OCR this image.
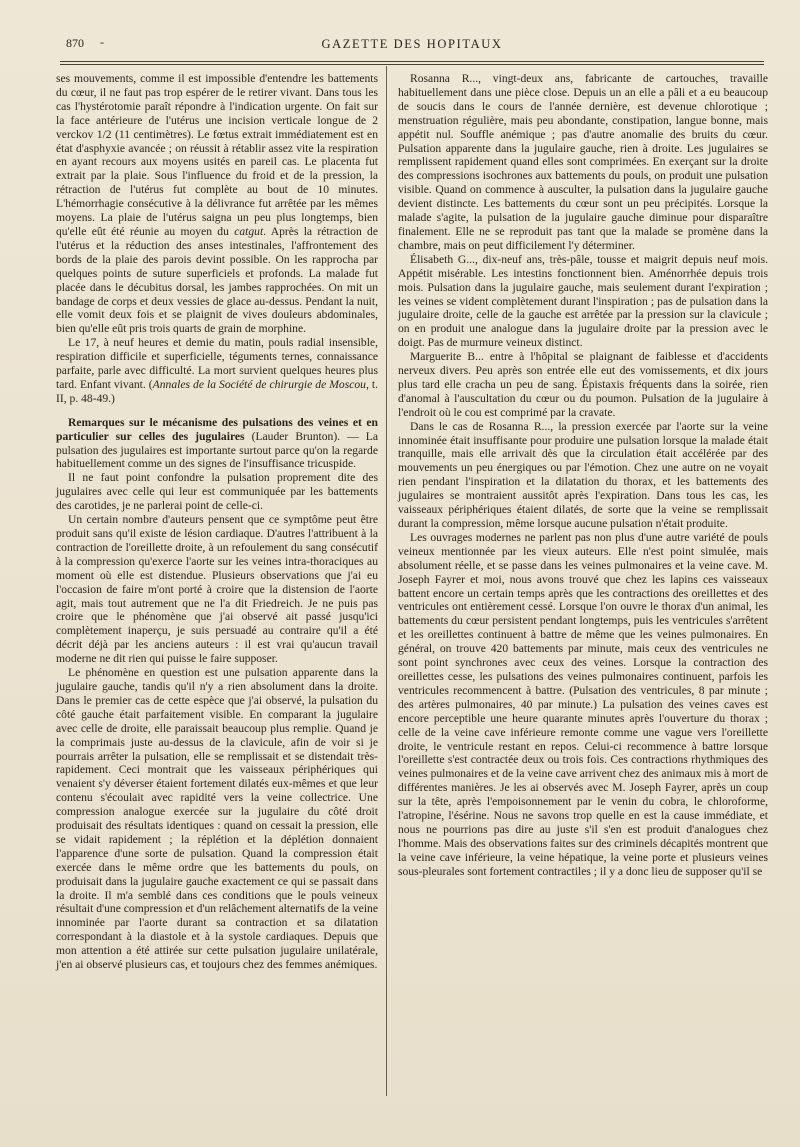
870 -	GAZETTE DES HOPITAUX

ses mouvements, comme il est impossible d'entendre les battements du cœur, il ne faut pas trop espérer de le retirer vivant. Dans tous les cas l'hystérotomie paraît répondre à l'indication urgente. On fait sur la face antérieure de l'utérus une incision verticale longue de 2 verckov 1/2 (11 centimètres). Le fœtus extrait immédiatement est en état d'asphyxie avancée ; on réussit à rétablir assez vite la respiration en ayant recours aux moyens usités en pareil cas. Le placenta fut extrait par la plaie. Sous l'influence du froid et de la pression, la rétraction de l'utérus fut complète au bout de 10 minutes. L'hémorrhagie consécutive à la délivrance fut arrêtée par les mêmes moyens. La plaie de l'utérus saigna un peu plus longtemps, bien qu'elle eût été réunie au moyen du catgut. Après la rétraction de l'utérus et la réduction des anses intestinales, l'affrontement des bords de la plaie des parois devint possible. On les rapprocha par quelques points de suture superficiels et profonds. La malade fut placée dans le décubitus dorsal, les jambes rapprochées. On mit un bandage de corps et deux vessies de glace au-dessus. Pendant la nuit, elle vomit deux fois et se plaignit de vives douleurs abdominales, bien qu'elle eût pris trois quarts de grain de morphine.

Le 17, à neuf heures et demie du matin, pouls radial insensible, respiration difficile et superficielle, téguments ternes, connaissance parfaite, parle avec difficulté. La mort survient quelques heures plus tard. Enfant vivant. (Annales de la Société de chirurgie de Moscou, t. II, p. 48-49.)

Remarques sur le mécanisme des pulsations des veines et en particulier sur celles des jugulaires (Lauder Brunton). — La pulsation des jugulaires est importante surtout parce qu'on la regarde habituellement comme un des signes de l'insuffisance tricuspide.

Il ne faut point confondre la pulsation proprement dite des jugulaires avec celle qui leur est communiquée par les battements des carotides, je ne parlerai point de celle-ci.

Un certain nombre d'auteurs pensent que ce symptôme peut être produit sans qu'il existe de lésion cardiaque. D'autres l'attribuent à la contraction de l'oreillette droite, à un refoulement du sang consécutif à la compression qu'exerce l'aorte sur les veines intra-thoraciques au moment où elle est distendue. Plusieurs observations que j'ai eu l'occasion de faire m'ont porté à croire que la distension de l'aorte agit, mais tout autrement que ne l'a dit Friedreich. Je ne puis pas croire que le phénomène que j'ai observé ait passé jusqu'ici complètement inaperçu, je suis persuadé au contraire qu'il a été décrit déjà par les anciens auteurs : il est vrai qu'aucun travail moderne ne dit rien qui puisse le faire supposer.

Le phénomène en question est une pulsation apparente dans la jugulaire gauche, tandis qu'il n'y a rien absolument dans la droite. Dans le premier cas de cette espèce que j'ai observé, la pulsation du côté gauche était parfaitement visible. En comparant la jugulaire avec celle de droite, elle paraissait beaucoup plus remplie. Quand je la comprimais juste au-dessus de la clavicule, afin de voir si je pourrais arrêter la pulsation, elle se remplissait et se distendait très-rapidement. Ceci montrait que les vaisseaux périphériques qui venaient s'y déverser étaient fortement dilatés eux-mêmes et que leur contenu s'écoulait avec rapidité vers la veine collectrice. Une compression analogue exercée sur la jugulaire du côté droit produisait des résultats identiques : quand on cessait la pression, elle se vidait rapidement ; la réplétion et la déplétion donnaient l'apparence d'une sorte de pulsation. Quand la compression était exercée dans le même ordre que les battements du pouls, on produisait dans la jugulaire gauche exactement ce qui se passait dans la droite. Il m'a semblé dans ces conditions que le pouls veineux résultait d'une compression et d'un relâchement alternatifs de la veine innominée par l'aorte durant sa contraction et sa dilatation correspondant à la diastole et à la systole cardiaques. Depuis que mon attention a été attirée sur cette pulsation jugulaire unilatérale, j'en ai observé plusieurs cas, et toujours chez des femmes anémiques.

Rosanna R..., vingt-deux ans, fabricante de cartouches, travaille habituellement dans une pièce close. Depuis un an elle a pâli et a eu beaucoup de soucis dans le cours de l'année dernière, est devenue chlorotique ; menstruation régulière, mais peu abondante, constipation, langue bonne, mais appétit nul. Souffle anémique ; pas d'autre anomalie des bruits du cœur. Pulsation apparente dans la jugulaire gauche, rien à droite. Les jugulaires se remplissent rapidement quand elles sont comprimées. En exerçant sur la droite des compressions isochrones aux battements du pouls, on produit une pulsation visible. Quand on commence à ausculter, la pulsation dans la jugulaire gauche devient distincte. Les battements du cœur sont un peu précipités. Lorsque la malade s'agite, la pulsation de la jugulaire gauche diminue pour disparaître finalement. Elle ne se reproduit pas tant que la malade se promène dans la chambre, mais on peut difficilement l'y déterminer.

Élisabeth G..., dix-neuf ans, très-pâle, tousse et maigrit depuis neuf mois. Appétit misérable. Les intestins fonctionnent bien. Aménorrhée depuis trois mois. Pulsation dans la jugulaire gauche, mais seulement durant l'expiration ; les veines se vident complètement durant l'inspiration ; pas de pulsation dans la jugulaire droite, celle de la gauche est arrêtée par la pression sur la clavicule ; on en produit une analogue dans la jugulaire droite par la pression avec le doigt. Pas de murmure veineux distinct.

Marguerite B... entre à l'hôpital se plaignant de faiblesse et d'accidents nerveux divers. Peu après son entrée elle eut des vomissements, et dix jours plus tard elle cracha un peu de sang. Épistaxis fréquents dans la soirée, rien d'anomal à l'auscultation du cœur ou du poumon. Pulsation de la jugulaire à l'endroit où le cou est comprimé par la cravate.

Dans le cas de Rosanna R..., la pression exercée par l'aorte sur la veine innominée était insuffisante pour produire une pulsation lorsque la malade était tranquille, mais elle arrivait dès que la circulation était accélérée par des mouvements un peu énergiques ou par l'émotion. Chez une autre on ne voyait rien pendant l'inspiration et la dilatation du thorax, et les battements des jugulaires se montraient aussitôt après l'expiration. Dans tous les cas, les vaisseaux périphériques étaient dilatés, de sorte que la veine se remplissait durant la compression, même lorsque aucune pulsation n'était produite.

Les ouvrages modernes ne parlent pas non plus d'une autre variété de pouls veineux mentionnée par les vieux auteurs. Elle n'est point simulée, mais absolument réelle, et se passe dans les veines pulmonaires et la veine cave. M. Joseph Fayrer et moi, nous avons trouvé que chez les lapins ces vaisseaux battent encore un certain temps après que les contractions des oreillettes et des ventricules ont entièrement cessé. Lorsque l'on ouvre le thorax d'un animal, les battements du cœur persistent pendant longtemps, puis les ventricules s'arrêtent et les oreillettes continuent à battre de même que les veines pulmonaires. En général, on trouve 420 battements par minute, mais ceux des ventricules ne sont point synchrones avec ceux des veines. Lorsque la contraction des oreillettes cesse, les pulsations des veines pulmonaires continuent, parfois les ventricules recommencent à battre. (Pulsation des ventricules, 8 par minute ; des artères pulmonaires, 40 par minute.) La pulsation des veines caves est encore perceptible une heure quarante minutes après l'ouverture du thorax ; celle de la veine cave inférieure remonte comme une vague vers l'oreillette droite, le ventricule restant en repos. Celui-ci recommence à battre lorsque l'oreillette s'est contractée deux ou trois fois. Ces contractions rhythmiques des veines pulmonaires et de la veine cave arrivent chez des animaux mis à mort de différentes manières. Je les ai observés avec M. Joseph Fayrer, après un coup sur la tête, après l'empoisonnement par le venin du cobra, le chloroforme, l'atropine, l'ésérine. Nous ne savons trop quelle en est la cause immédiate, et nous ne pourrions pas dire au juste s'il s'en est produit d'analogues chez l'homme. Mais des observations faites sur des criminels décapités montrent que la veine cave inférieure, la veine hépatique, la veine porte et plusieurs veines sous-pleurales sont fortement contractiles ; il y a donc lieu de supposer qu'il se
